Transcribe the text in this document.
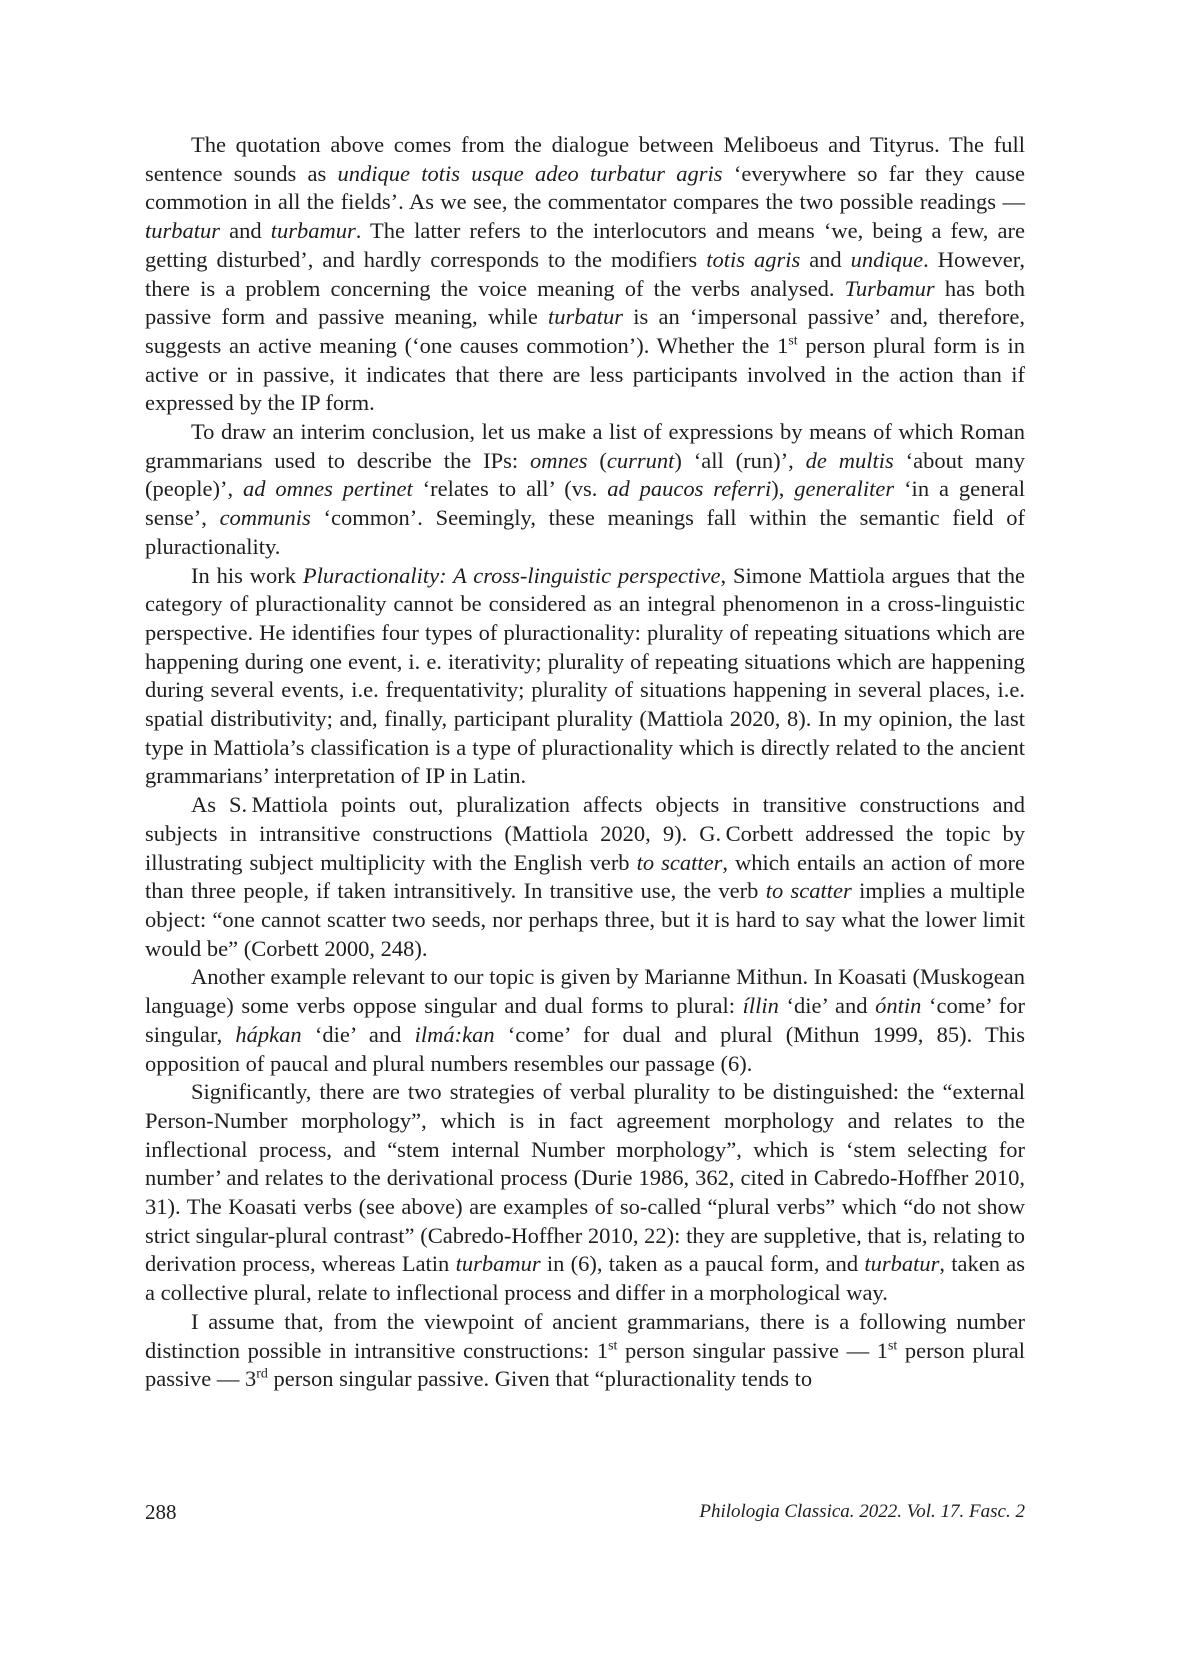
The quotation above comes from the dialogue between Meliboeus and Tityrus. The full sentence sounds as undique totis usque adeo turbatur agris ‘everywhere so far they cause commotion in all the fields’. As we see, the commentator compares the two possible readings — turbatur and turbamur. The latter refers to the interlocutors and means ‘we, being a few, are getting disturbed’, and hardly corresponds to the modifiers totis agris and undique. However, there is a problem concerning the voice meaning of the verbs analysed. Turbamur has both passive form and passive meaning, while turbatur is an ‘impersonal passive’ and, therefore, suggests an active meaning (‘one causes commotion’). Whether the 1st person plural form is in active or in passive, it indicates that there are less participants involved in the action than if expressed by the IP form.

To draw an interim conclusion, let us make a list of expressions by means of which Roman grammarians used to describe the IPs: omnes (currunt) ‘all (run)’, de multis ‘about many (people)’, ad omnes pertinet ‘relates to all’ (vs. ad paucos referri), generaliter ‘in a general sense’, communis ‘common’. Seemingly, these meanings fall within the semantic field of pluractionality.

In his work Pluractionality: A cross-linguistic perspective, Simone Mattiola argues that the category of pluractionality cannot be considered as an integral phenomenon in a cross-linguistic perspective. He identifies four types of pluractionality: plurality of repeating situations which are happening during one event, i. e. iterativity; plurality of repeating situations which are happening during several events, i.e. frequentativity; plurality of situations happening in several places, i.e. spatial distributivity; and, finally, participant plurality (Mattiola 2020, 8). In my opinion, the last type in Mattiola’s classification is a type of pluractionality which is directly related to the ancient grammarians’ interpretation of IP in Latin.

As S. Mattiola points out, pluralization affects objects in transitive constructions and subjects in intransitive constructions (Mattiola 2020, 9). G. Corbett addressed the topic by illustrating subject multiplicity with the English verb to scatter, which entails an action of more than three people, if taken intransitively. In transitive use, the verb to scatter implies a multiple object: “one cannot scatter two seeds, nor perhaps three, but it is hard to say what the lower limit would be” (Corbett 2000, 248).

Another example relevant to our topic is given by Marianne Mithun. In Koasati (Muskogean language) some verbs oppose singular and dual forms to plural: íllin ‘die’ and óntin ‘come’ for singular, hápkan ‘die’ and ilmá:kan ‘come’ for dual and plural (Mithun 1999, 85). This opposition of paucal and plural numbers resembles our passage (6).

Significantly, there are two strategies of verbal plurality to be distinguished: the “external Person-Number morphology”, which is in fact agreement morphology and relates to the inflectional process, and “stem internal Number morphology”, which is ‘stem selecting for number’ and relates to the derivational process (Durie 1986, 362, cited in Cabredo-Hoffher 2010, 31). The Koasati verbs (see above) are examples of so-called “plural verbs” which “do not show strict singular-plural contrast” (Cabredo-Hoffher 2010, 22): they are suppletive, that is, relating to derivation process, whereas Latin turbamur in (6), taken as a paucal form, and turbatur, taken as a collective plural, relate to inflectional process and differ in a morphological way.

I assume that, from the viewpoint of ancient grammarians, there is a following number distinction possible in intransitive constructions: 1st person singular passive — 1st person plural passive — 3rd person singular passive. Given that “pluractionality tends to

288	Philologia Classica. 2022. Vol. 17. Fasc. 2
